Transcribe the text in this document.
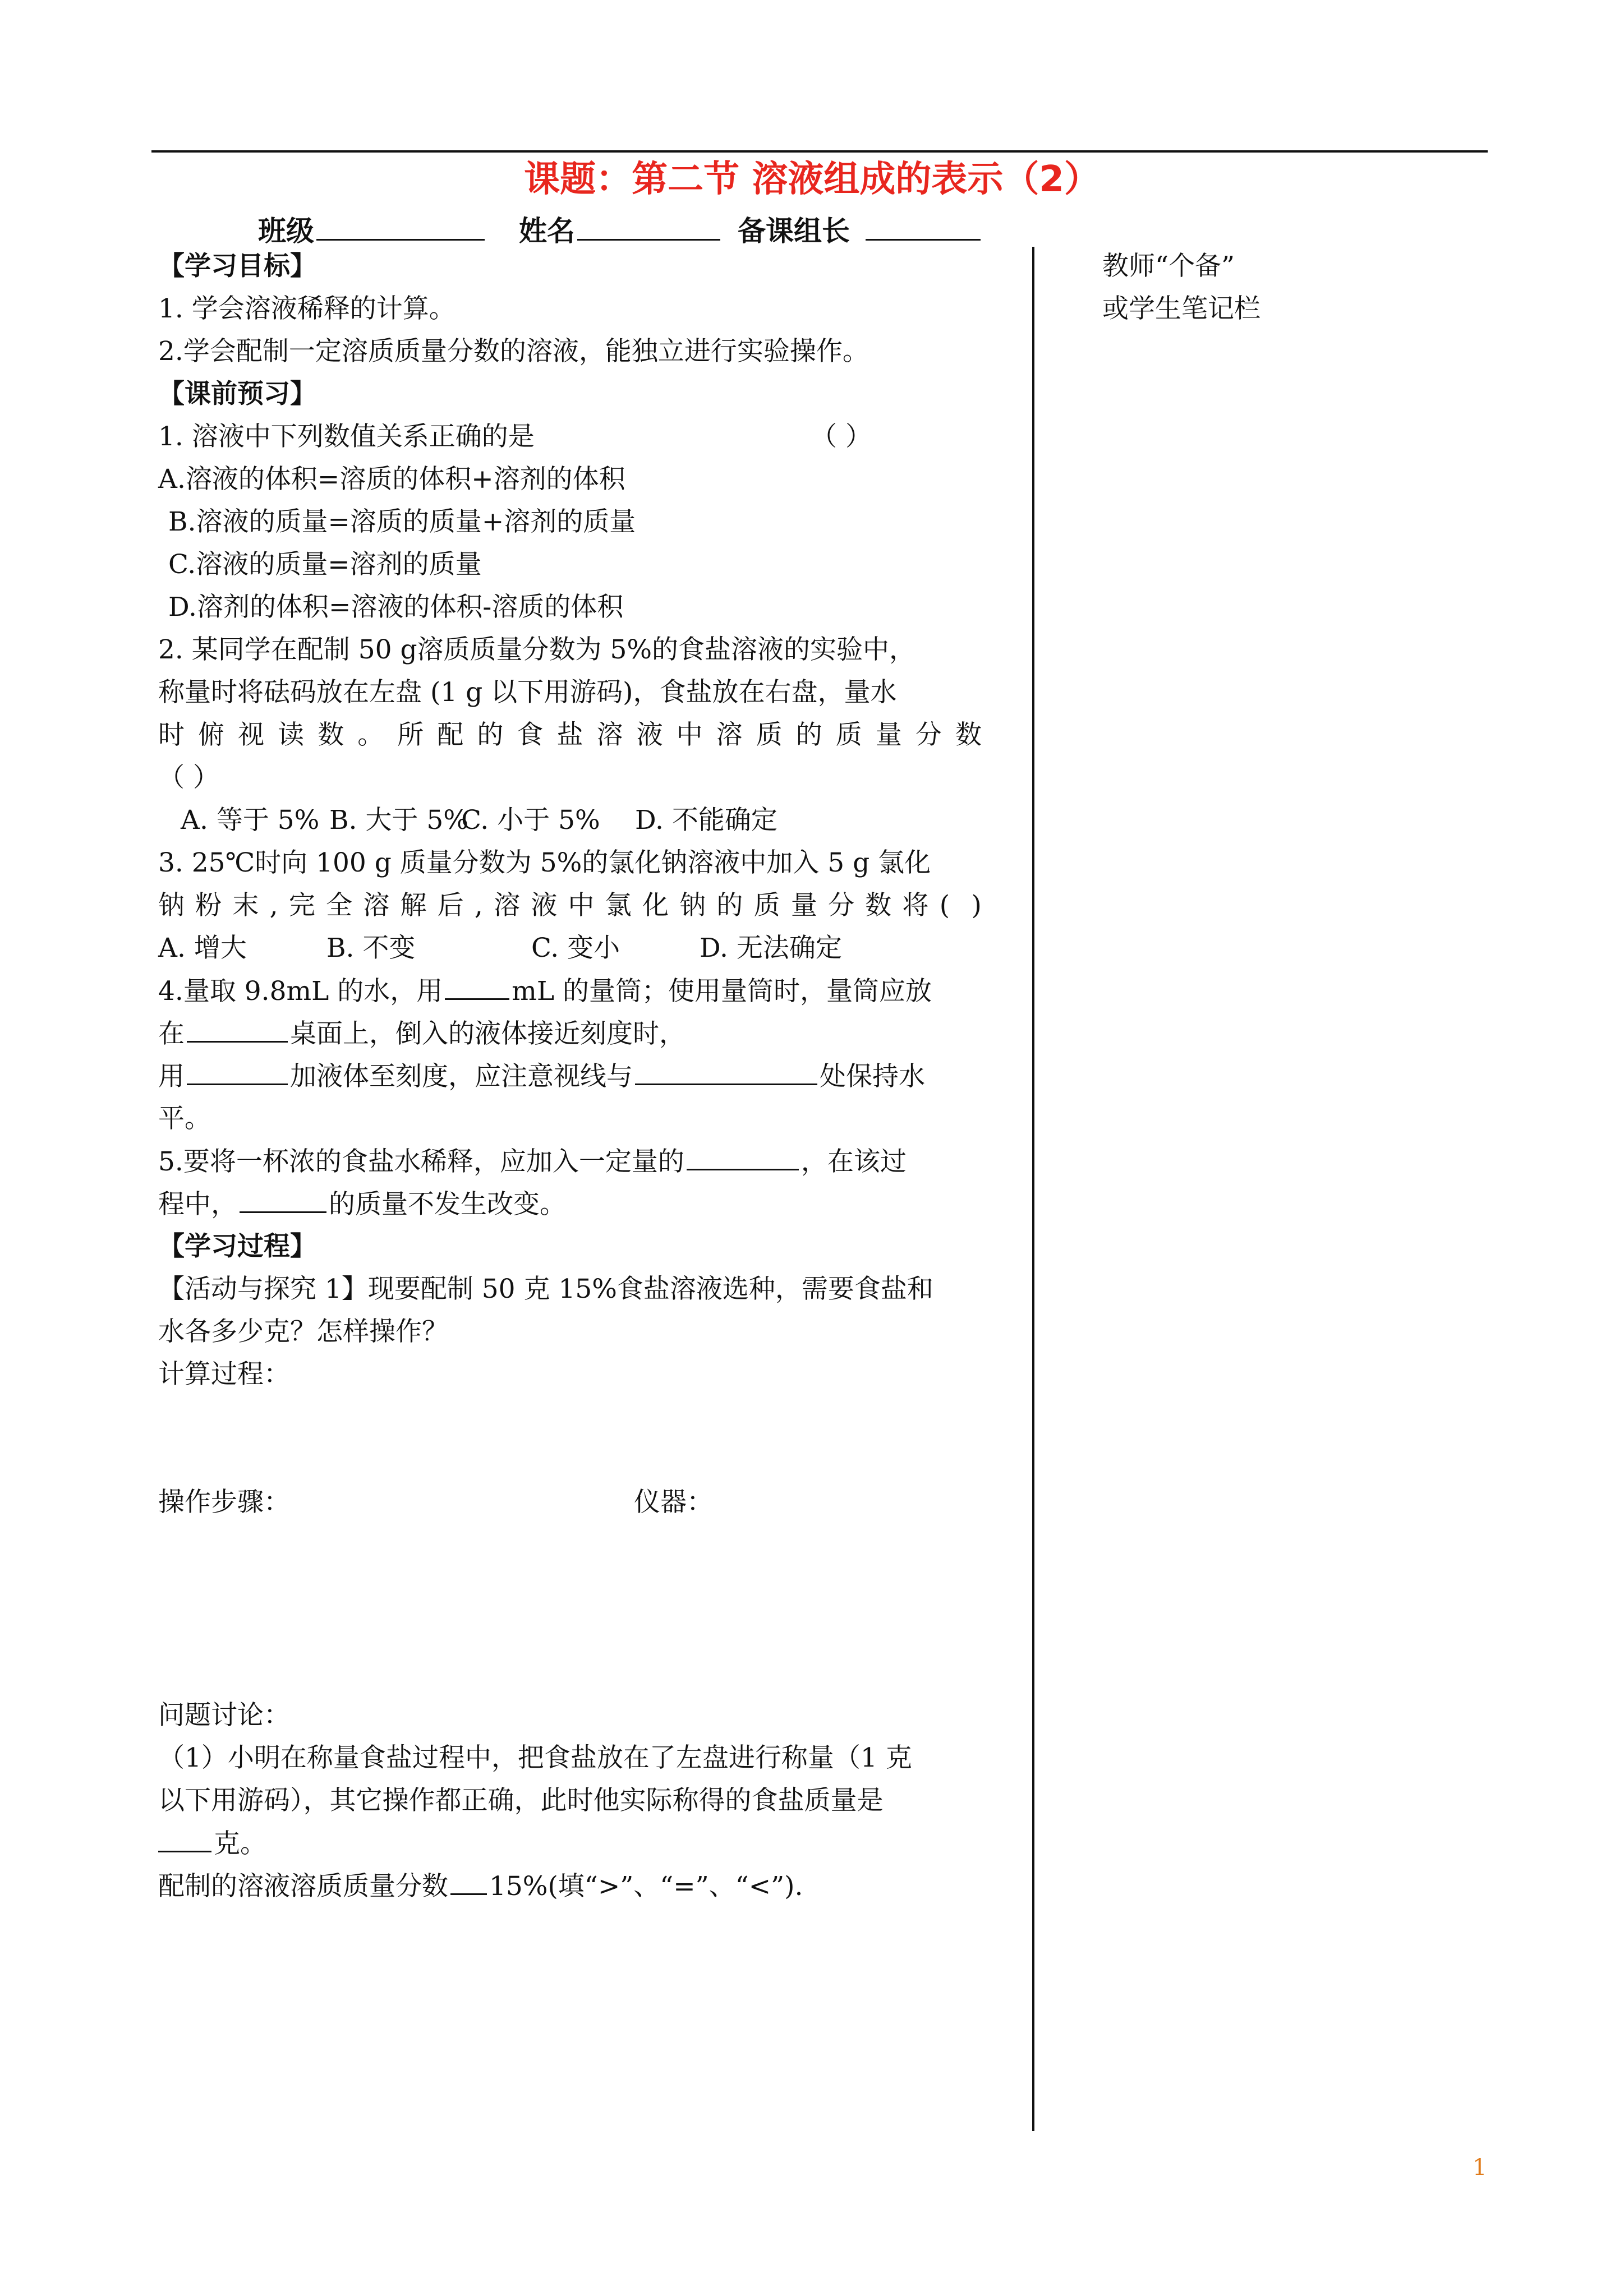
课题：第二节 溶液组成的表示（2）
班级	姓名	备课组长
教师“个备”
或学生笔记栏
【学习目标】
1. 学会溶液稀释的计算。
2.学会配制一定溶质质量分数的溶液，能独立进行实验操作。
【课前预习】
1. 溶液中下列数值关系正确的是	（ ）
A.溶液的体积=溶质的体积+溶剂的体积
B.溶液的质量=溶质的质量+溶剂的质量
C.溶液的质量=溶剂的质量
D.溶剂的体积=溶液的体积-溶质的体积
2. 某同学在配制 50 g溶质质量分数为 5%的食盐溶液的实验中，
称量时将砝码放在左盘 (1 g 以下用游码)，食盐放在右盘，量水
时 俯 视 读 数 。 所 配 的 食 盐 溶 液 中 溶 质 的 质 量 分 数
（ ）
A. 等于 5% B. 大于 5%C. 小于 5% D. 不能确定
3. 25℃时向 100 g 质量分数为 5%的氯化钠溶液中加入 5 g 氯化
钠 粉 末 , 完 全 溶 解 后 , 溶 液 中 氯 化 钠 的 质 量 分 数 将 ( )
A. 增大	B. 不变	C. 变小	D. 无法确定
4.量取 9.8mL 的水，用	mL 的量筒；使用量筒时，量筒应放
在	桌面上，倒入的液体接近刻度时，
用	加液体至刻度，应注意视线与	处保持水
平。
5.要将一杯浓的食盐水稀释，应加入一定量的	，在该过
程中，	的质量不发生改变。
【学习过程】
【活动与探究 1】现要配制 50 克 15%食盐溶液选种，需要食盐和
水各多少克？怎样操作？
计算过程：
操作步骤：	仪器：
问题讨论：
（1）小明在称量食盐过程中，把食盐放在了左盘进行称量（1 克
以下用游码），其它操作都正确，此时他实际称得的食盐质量是
克。
配制的溶液溶质质量分数 15%(填“>”、“=”、“<”).
1
